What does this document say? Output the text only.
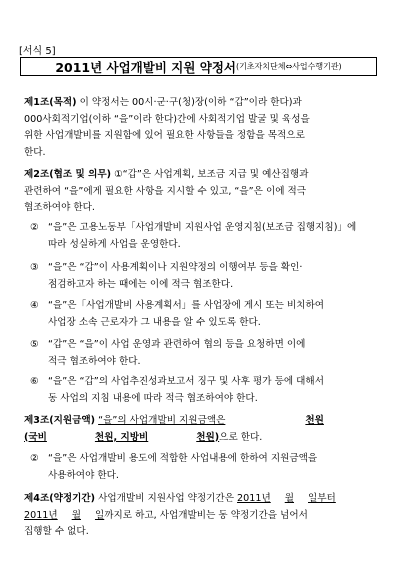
[서식 5]
2011년 사업개발비 지원 약정서 (기초자치단체⇔사업수행기관)
제1조(목적) 이 약정서는 00시·군·구(청)장(이하 “갑”이라 한다)과
000사회적기업(이하 “을”이라 한다)간에 사회적기업 발굴 및 육성을
위한 사업개발비를 지원함에 있어 필요한 사항들을 정함을 목적으로
한다.
제2조(협조 및 의무) ①“갑”은 사업계획, 보조금 지급 및 예산집행과
관련하여 “을”에게 필요한 사항을 지시할 수 있고, “을”은 이에 적극
협조하여야 한다.
② “을”은 고용노동부「사업개발비 지원사업 운영지침(보조금 집행지침)」에
따라 성실하게 사업을 운영한다.
③ “을”은 “갑”이 사용계획이나 지원약정의 이행여부 등을 확인·
점검하고자 하는 때에는 이에 적극 협조한다.
④ “을”은「사업개발비 사용계획서」를 사업장에 게시 또는 비치하여
사업장 소속 근로자가 그 내용을 알 수 있도록 한다.
⑤ “갑”은 “을”이 사업 운영과 관련하여 협의 등을 요청하면 이에
적극 협조하여야 한다.
⑥ “을”은 “갑”의 사업추진성과보고서 징구 및 사후 평가 등에 대해서
동 사업의 지침 내용에 따라 적극 협조하여야 한다.
제3조(지원금액) “을”의 사업개발비 지원금액은	천원
(국비	천원, 지방비	천원)으로 한다.
② “을”은 사업개발비 용도에 적합한 사업내용에 한하여 지원금액을
사용하여야 한다.
제4조(약정기간) 사업개발비 지원사업 약정기간은 2011년 월 일부터
2011년 월 일까지로 하고, 사업개발비는 동 약정기간을 넘어서
집행할 수 없다.
